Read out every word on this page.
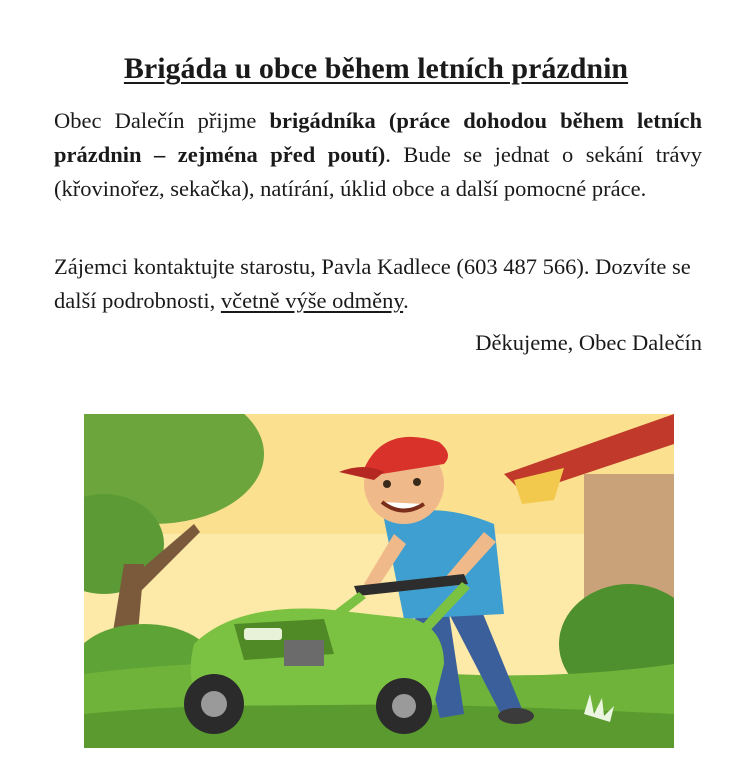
Brigáda u obce během letních prázdnin

Obec Dalečín přijme brigádníka (práce dohodou během letních prázdnin – zejména před poutí). Bude se jednat o sekání trávy (křovinořez, sekačka), natírání, úklid obce a další pomocné práce.

Zájemci kontaktujte starostu, Pavla Kadlece (603 487 566). Dozvíte se další podrobnosti, včetně výše odměny.

Děkujeme, Obec Dalečín
